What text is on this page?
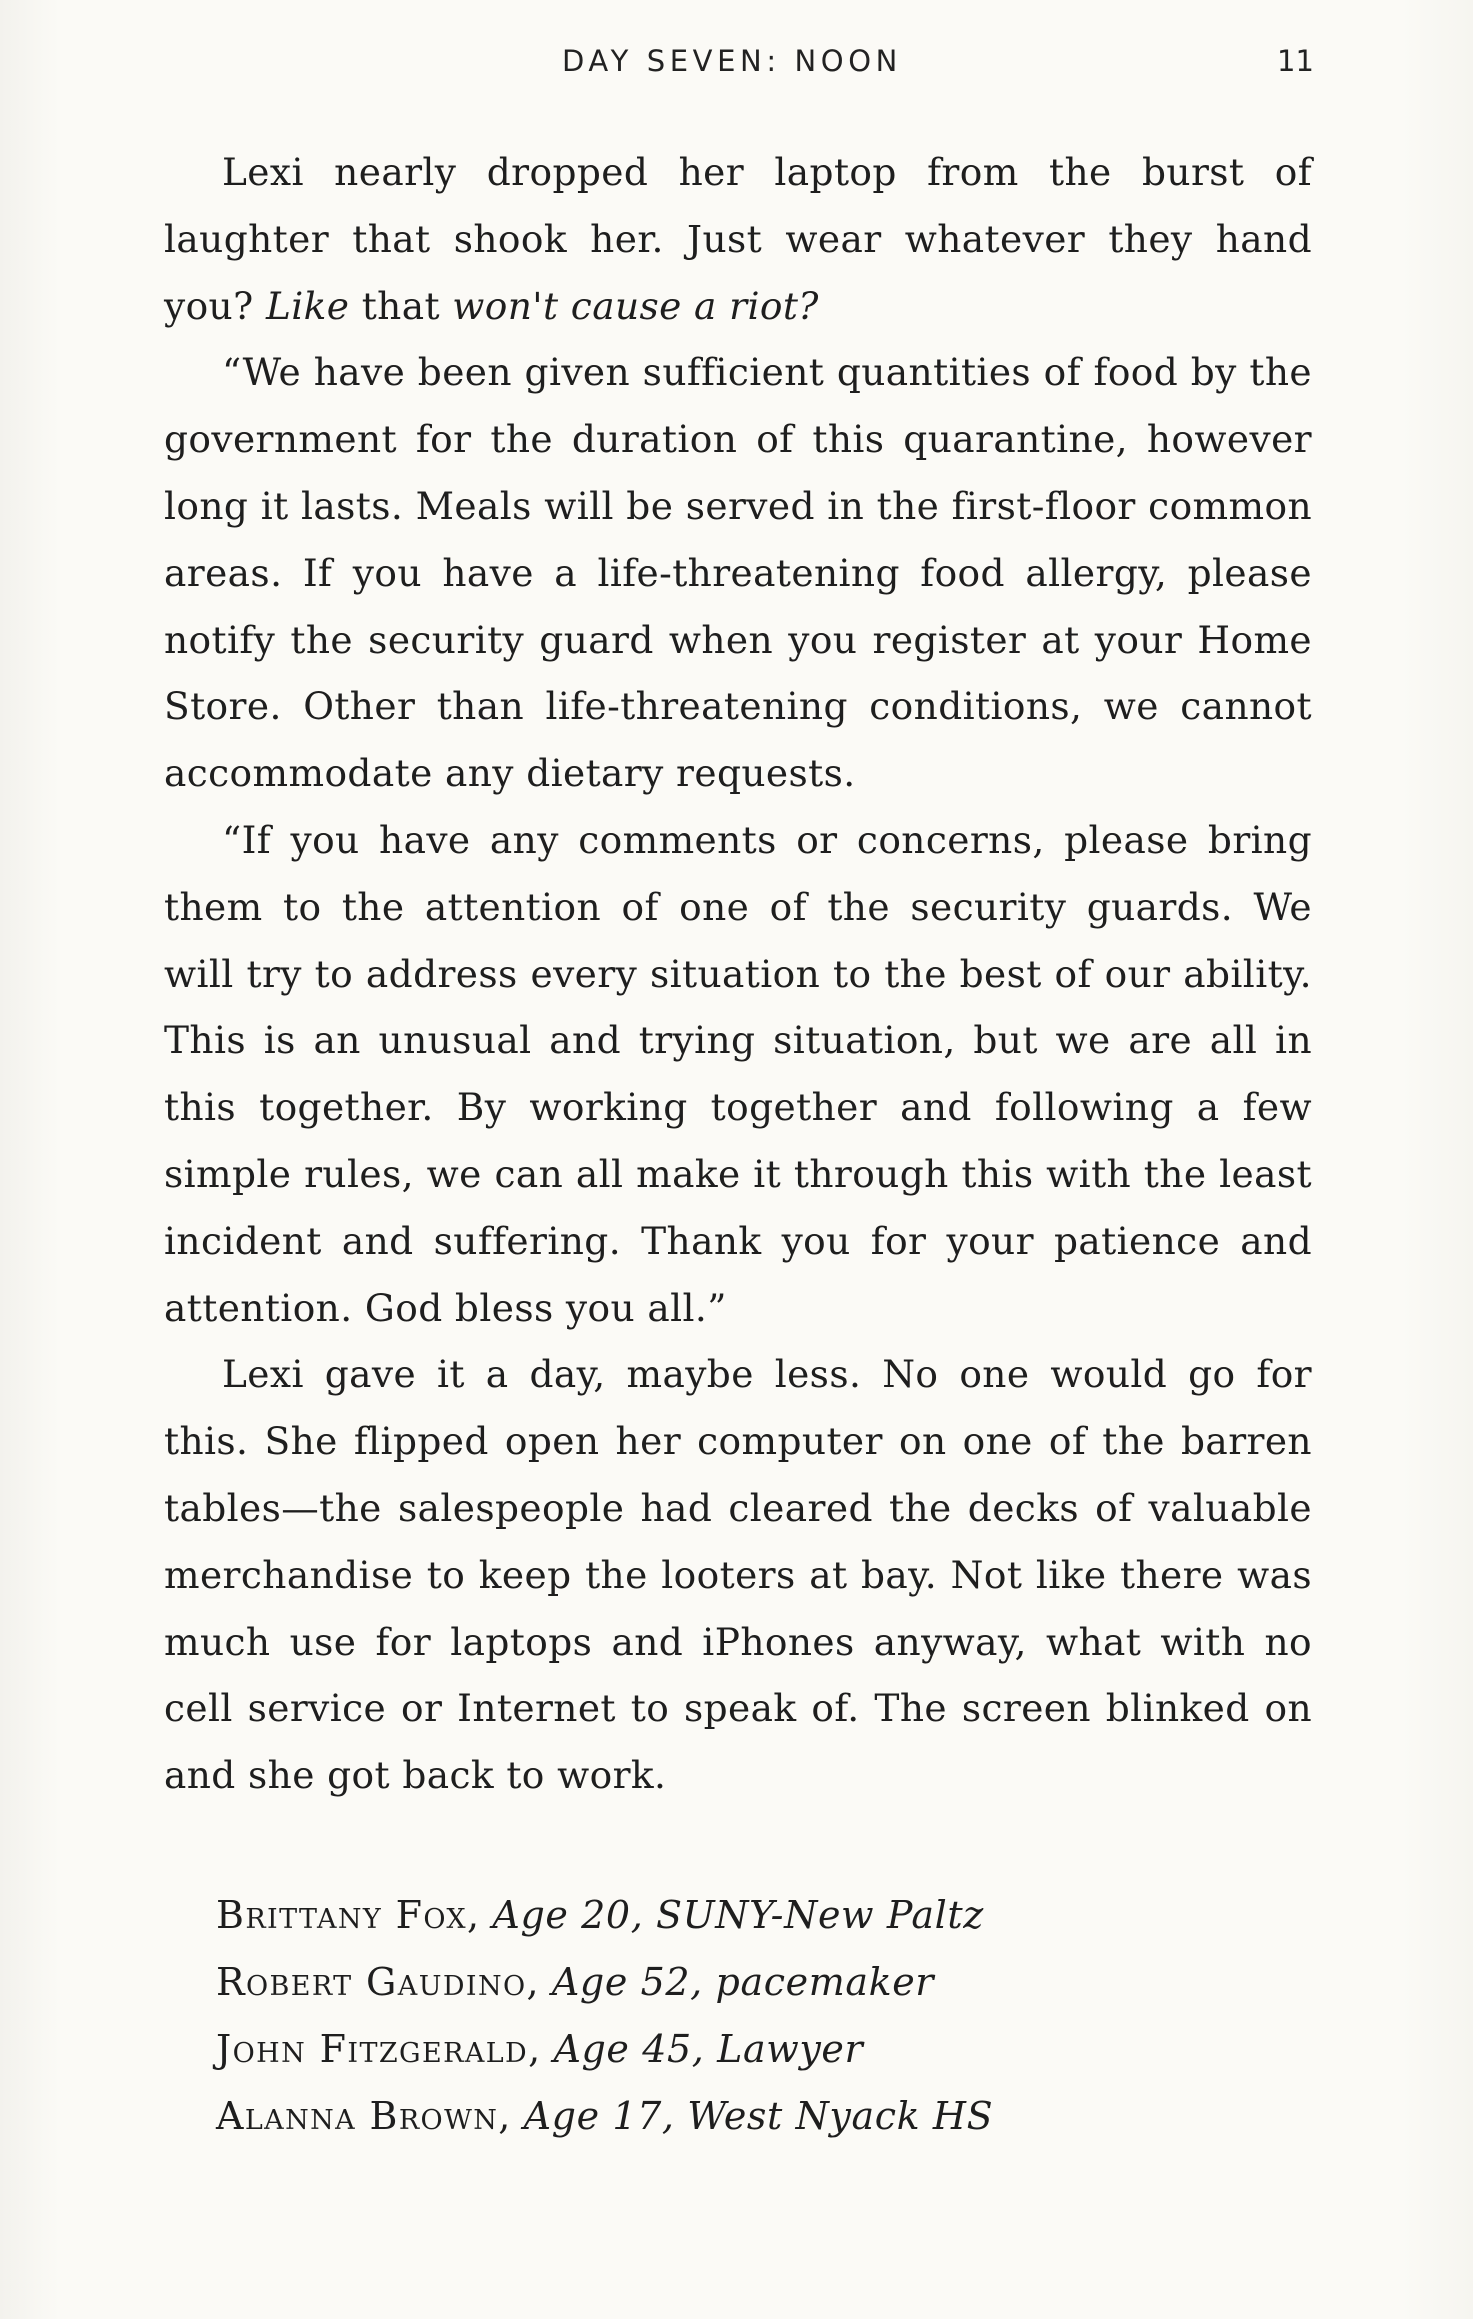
DAY SEVEN: NOON	11

Lexi nearly dropped her laptop from the burst of laughter that shook her. Just wear whatever they hand you? Like that won't cause a riot?

“We have been given sufficient quantities of food by the government for the duration of this quarantine, however long it lasts. Meals will be served in the first-floor common areas. If you have a life-threatening food allergy, please notify the security guard when you register at your Home Store. Other than life-threatening conditions, we cannot accommodate any dietary requests.

“If you have any comments or concerns, please bring them to the attention of one of the security guards. We will try to address every situation to the best of our ability. This is an unusual and trying situation, but we are all in this together. By working together and following a few simple rules, we can all make it through this with the least incident and suffering. Thank you for your patience and attention. God bless you all.”

Lexi gave it a day, maybe less. No one would go for this. She flipped open her computer on one of the barren tables—the salespeople had cleared the decks of valuable merchandise to keep the looters at bay. Not like there was much use for laptops and iPhones anyway, what with no cell service or Internet to speak of. The screen blinked on and she got back to work.

Brittany Fox, Age 20, SUNY-New Paltz
Robert Gaudino, Age 52, pacemaker
John Fitzgerald, Age 45, Lawyer
Alanna Brown, Age 17, West Nyack HS
